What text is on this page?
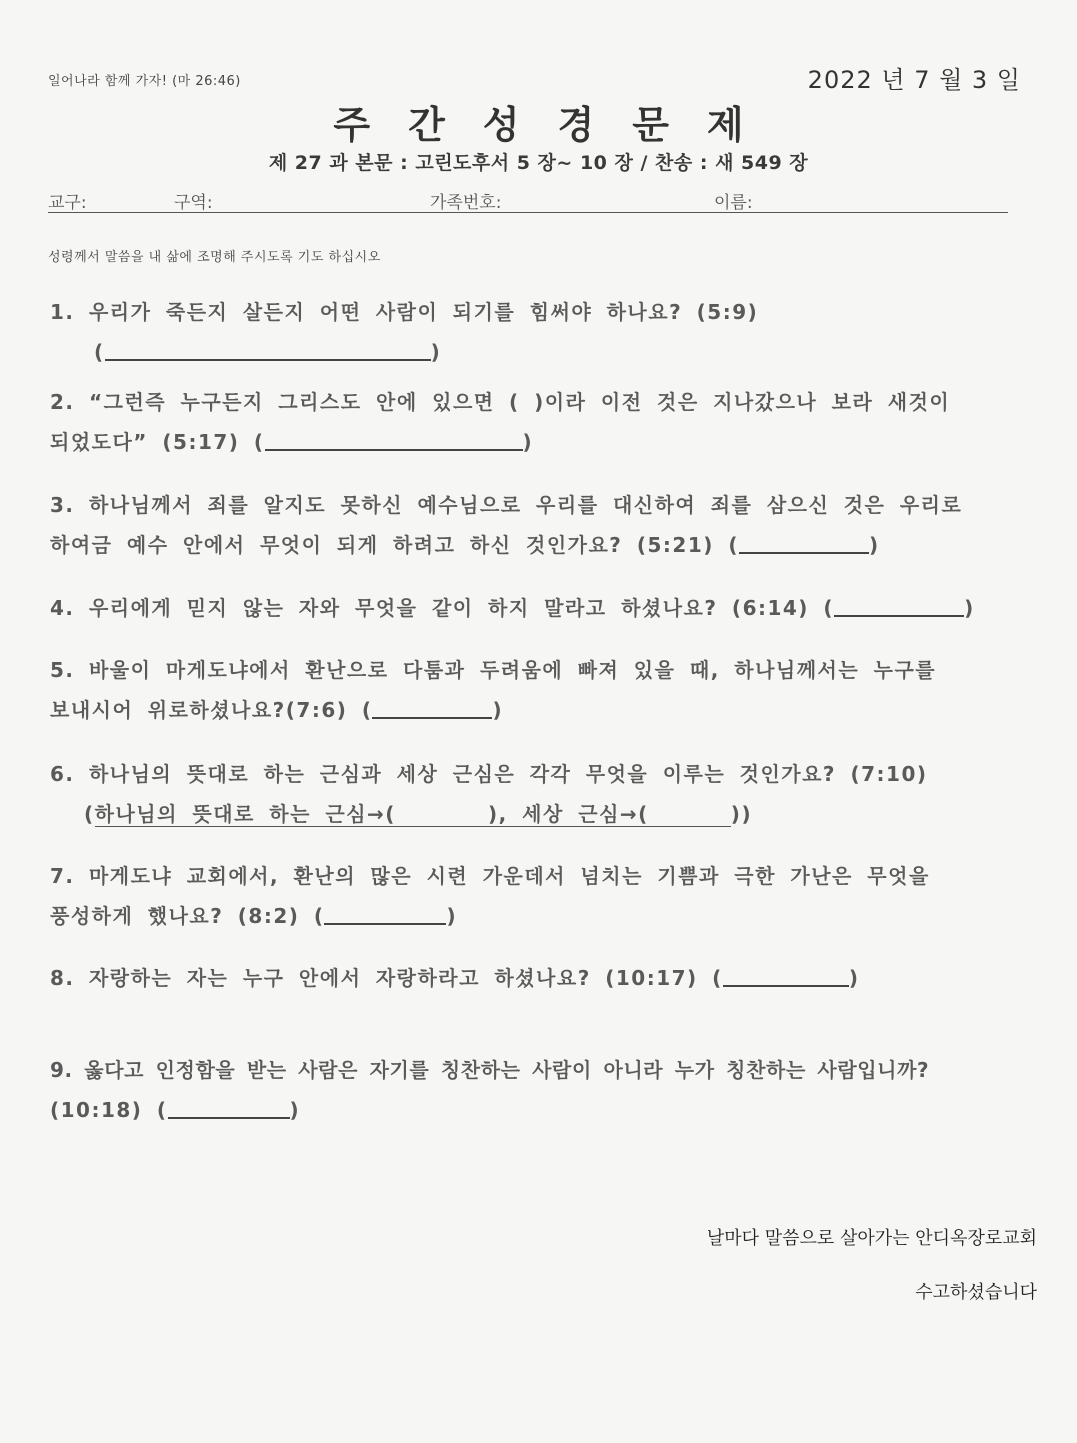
일어나라 함께 가자! (마 26:46)	2022 년 7 월 3 일
주간성경문제
제 27 과 본문 : 고린도후서 5 장~ 10 장 / 찬송 : 새 549 장
교구:	구역:	가족번호:	이름:
성령께서 말씀을 내 삶에 조명해 주시도록 기도 하십시오
1. 우리가 죽든지 살든지 어떤 사람이 되기를 힘써야 하나요? (5:9)
(	)
2. “그런즉 누구든지 그리스도 안에 있으면 ( )이라 이전 것은 지나갔으나 보라 새것이
되었도다” (5:17) (	)
3. 하나님께서 죄를 알지도 못하신 예수님으로 우리를 대신하여 죄를 삼으신 것은 우리로
하여금 예수 안에서 무엇이 되게 하려고 하신 것인가요? (5:21) (	)
4. 우리에게 믿지 않는 자와 무엇을 같이 하지 말라고 하셨나요? (6:14) (	)
5. 바울이 마게도냐에서 환난으로 다툼과 두려움에 빠져 있을 때, 하나님께서는 누구를
보내시어 위로하셨나요?(7:6) (	)
6. 하나님의 뜻대로 하는 근심과 세상 근심은 각각 무엇을 이루는 것인가요? (7:10)
(하나님의 뜻대로 하는 근심→(	), 세상 근심→(	))
7. 마게도냐 교회에서, 환난의 많은 시련 가운데서 넘치는 기쁨과 극한 가난은 무엇을
풍성하게 했나요? (8:2) (	)
8. 자랑하는 자는 누구 안에서 자랑하라고 하셨나요? (10:17) (	)
9. 옳다고 인정함을 받는 사람은 자기를 칭찬하는 사람이 아니라 누가 칭찬하는 사람입니까?
(10:18) (	)
날마다 말씀으로 살아가는 안디옥장로교회
수고하셨습니다
